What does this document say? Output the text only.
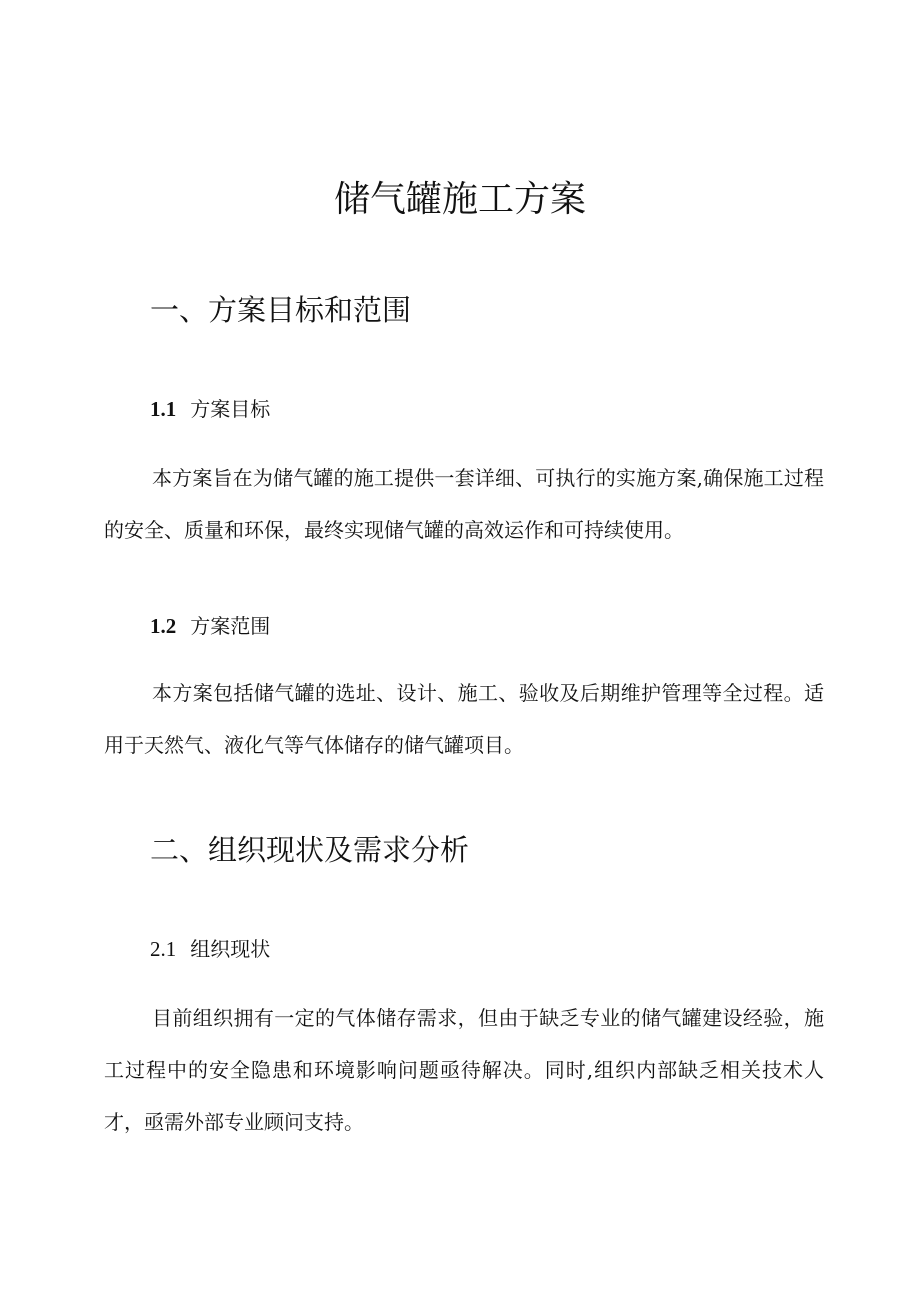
储气罐施工方案
一、方案目标和范围
1.1 方案目标
本方案旨在为储气罐的施工提供一套详细、可执行的实施方案,确保施工过程的安全、质量和环保，最终实现储气罐的高效运作和可持续使用。
1.2 方案范围
本方案包括储气罐的选址、设计、施工、验收及后期维护管理等全过程。适用于天然气、液化气等气体储存的储气罐项目。
二、组织现状及需求分析
2.1 组织现状
目前组织拥有一定的气体储存需求，但由于缺乏专业的储气罐建设经验，施工过程中的安全隐患和环境影响问题亟待解决。同时,组织内部缺乏相关技术人才，亟需外部专业顾问支持。
